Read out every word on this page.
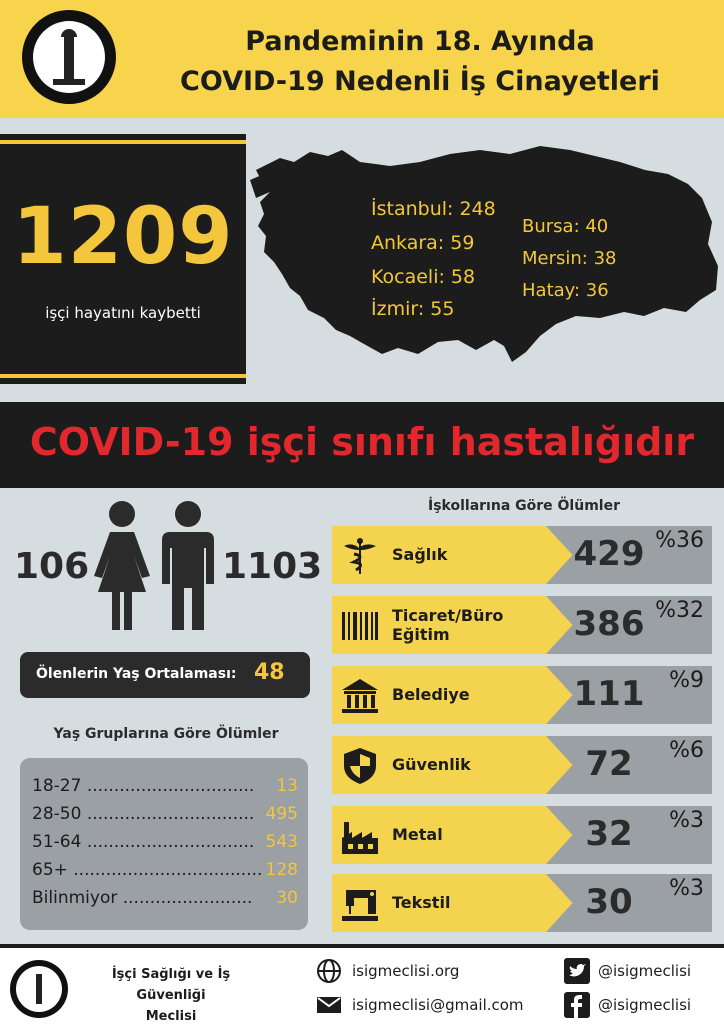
Pandeminin 18. Ayında
COVID-19 Nedenli İş Cinayetleri
1209
işçi hayatını kaybetti
İstanbul: 248
Ankara: 59
Kocaeli: 58
İzmir: 55
Bursa: 40
Mersin: 38
Hatay: 36
COVID-19 işçi sınıfı hastalığıdır
106	1103
Ölenlerin Yaş Ortalaması: 48
Yaş Gruplarına Göre Ölümler
18-27 ............................... 13
28-50 ............................... 495
51-64 ............................... 543
65+ ................................... 128
Bilinmiyor ........................ 30
İşkollarına Göre Ölümler
Sağlık	429 %36
Ticaret/Büro
Eğitim	386 %32
Belediye	111	%9
Güvenlik	72	%6
Metal	32	%3
Tekstil	30	%3
İşçi Sağlığı ve İş Güvenliği
Meclisi
isigmeclisi.org
isigmeclisi@gmail.com
@isigmeclisi
@isigmeclisi
